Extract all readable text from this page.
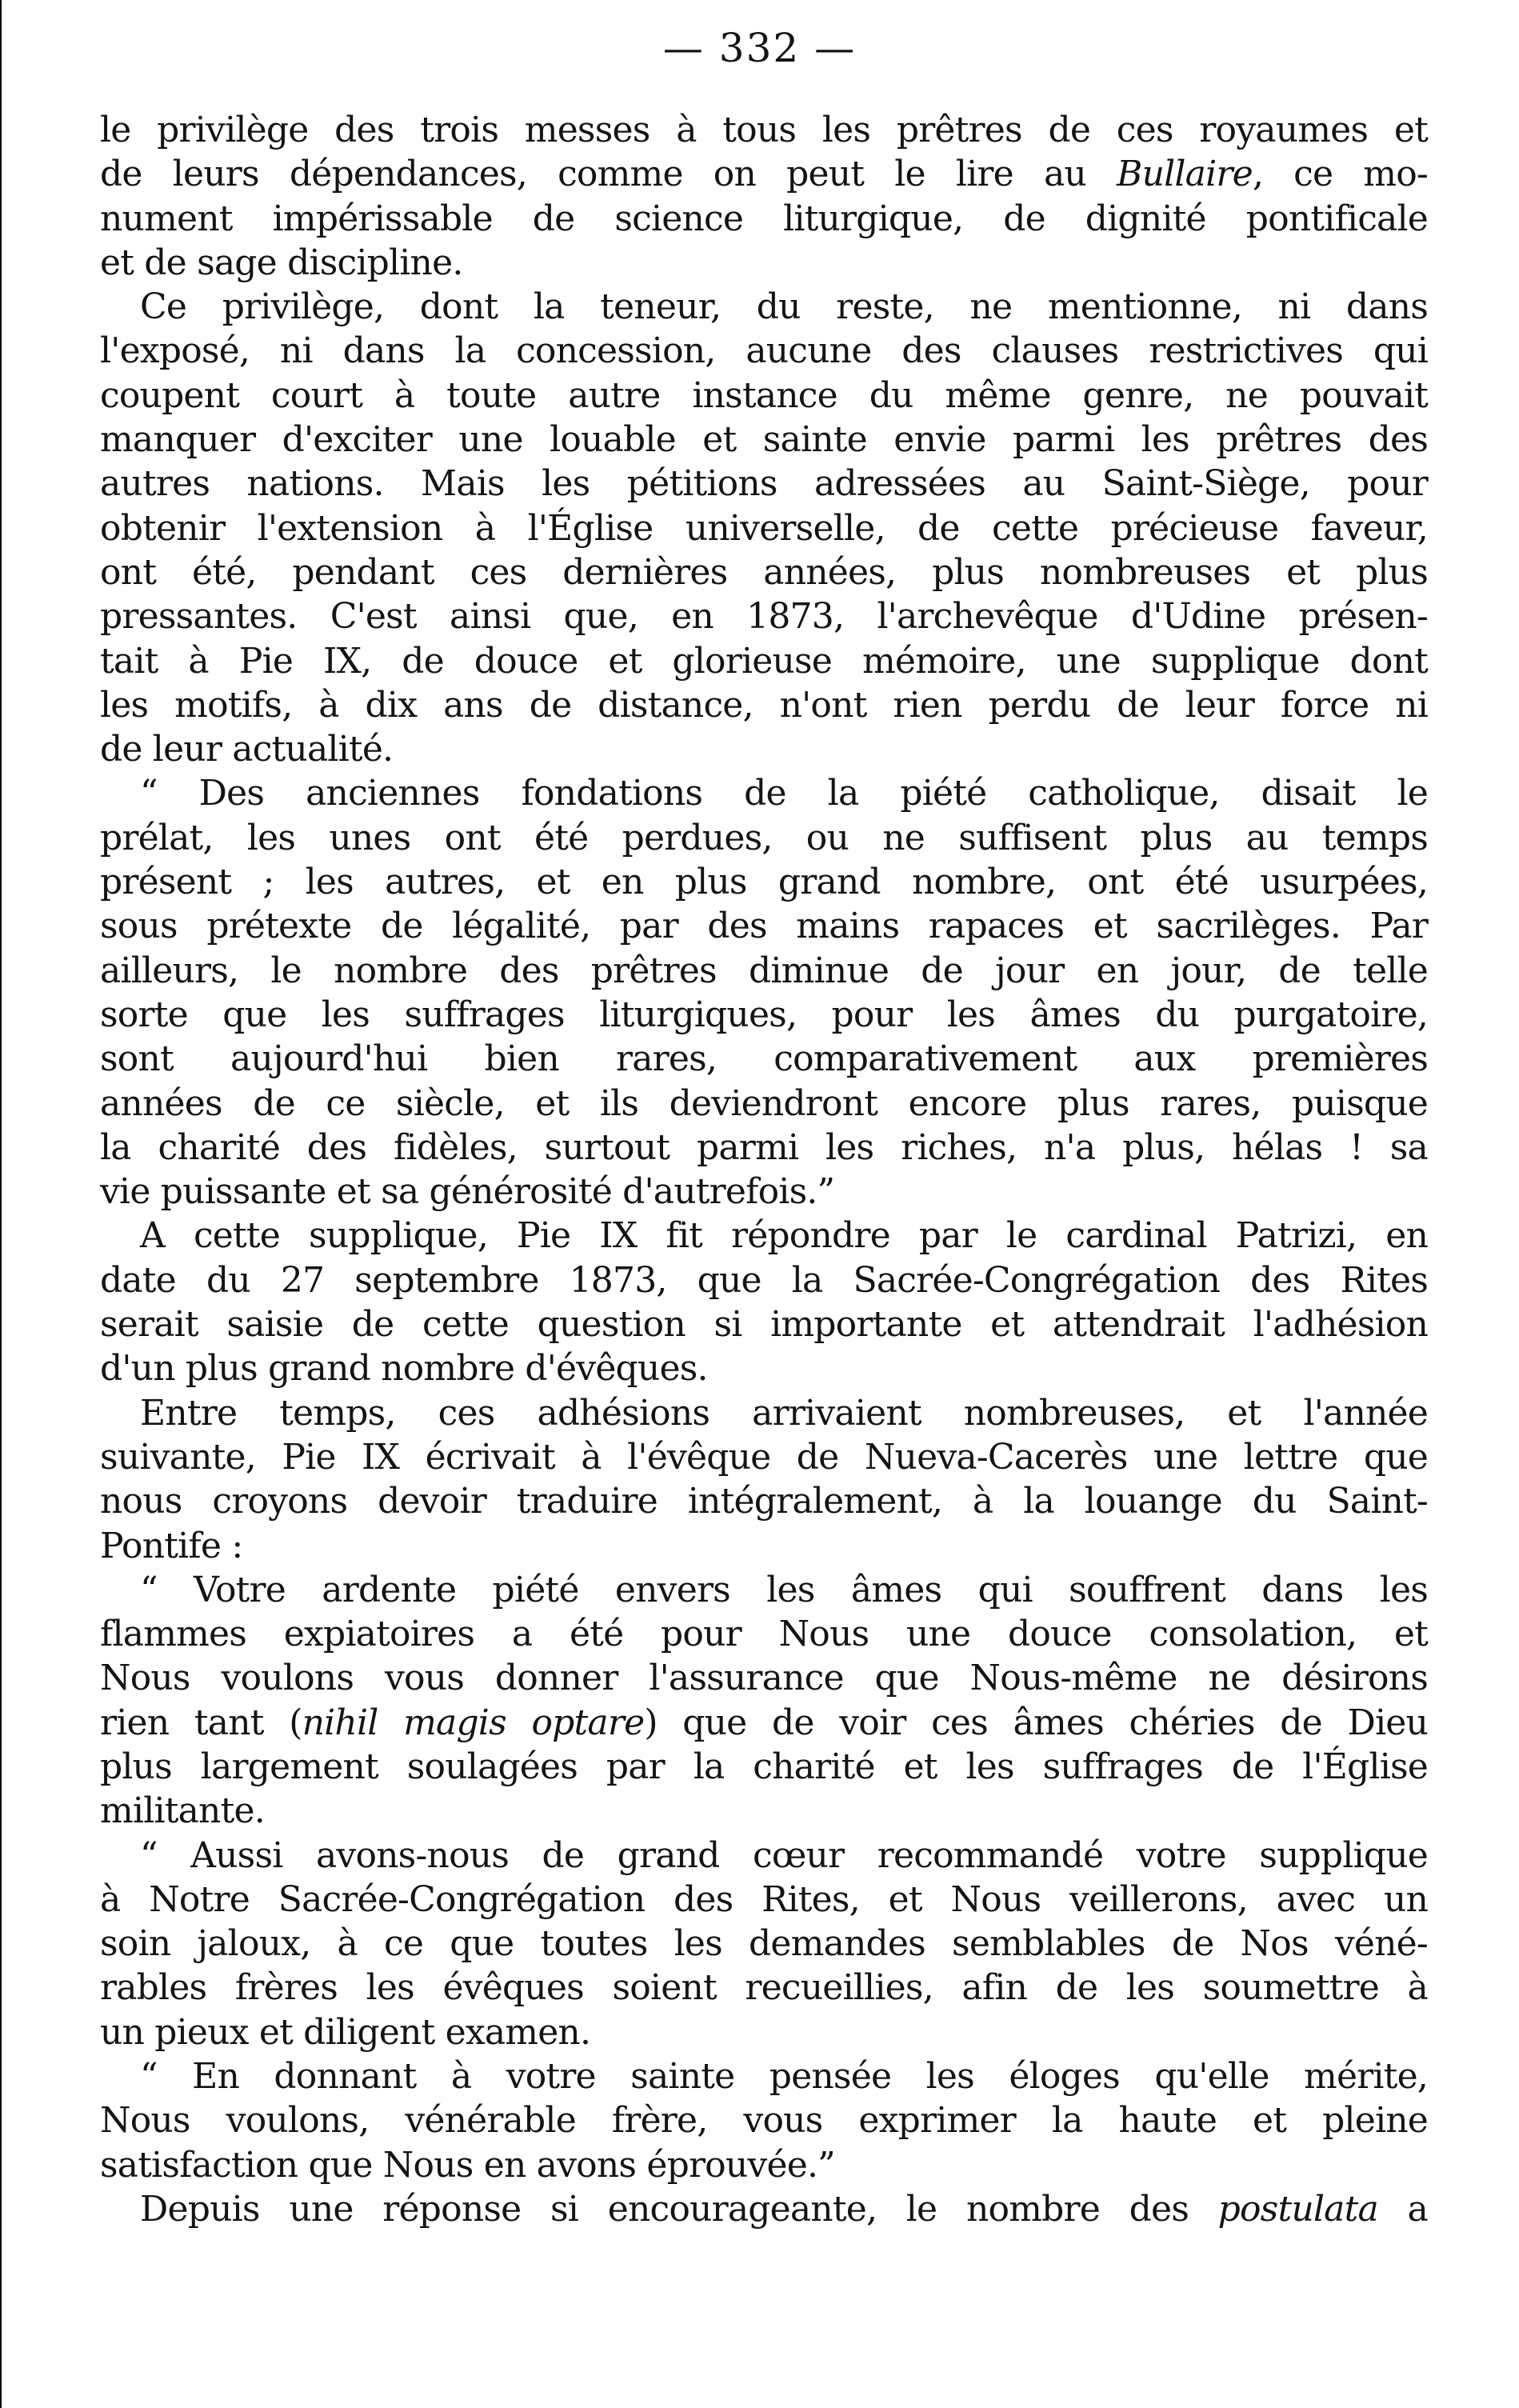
— 332 —
le privilège des trois messes à tous les prêtres de ces royaumes et
de leurs dépendances, comme on peut le lire au Bullaire, ce mo-
nument impérissable de science liturgique, de dignité pontificale
et de sage discipline.
Ce privilège, dont la teneur, du reste, ne mentionne, ni dans
l'exposé, ni dans la concession, aucune des clauses restrictives qui
coupent court à toute autre instance du même genre, ne pouvait
manquer d'exciter une louable et sainte envie parmi les prêtres des
autres nations. Mais les pétitions adressées au Saint-Siège, pour
obtenir l'extension à l'Église universelle, de cette précieuse faveur,
ont été, pendant ces dernières années, plus nombreuses et plus
pressantes. C'est ainsi que, en 1873, l'archevêque d'Udine présen-
tait à Pie IX, de douce et glorieuse mémoire, une supplique dont
les motifs, à dix ans de distance, n'ont rien perdu de leur force ni
de leur actualité.
“ Des anciennes fondations de la piété catholique, disait le
prélat, les unes ont été perdues, ou ne suffisent plus au temps
présent ; les autres, et en plus grand nombre, ont été usurpées,
sous prétexte de légalité, par des mains rapaces et sacrilèges. Par
ailleurs, le nombre des prêtres diminue de jour en jour, de telle
sorte que les suffrages liturgiques, pour les âmes du purgatoire,
sont aujourd'hui bien rares, comparativement aux premières
années de ce siècle, et ils deviendront encore plus rares, puisque
la charité des fidèles, surtout parmi les riches, n'a plus, hélas ! sa
vie puissante et sa générosité d'autrefois.”
A cette supplique, Pie IX fit répondre par le cardinal Patrizi, en
date du 27 septembre 1873, que la Sacrée-Congrégation des Rites
serait saisie de cette question si importante et attendrait l'adhésion
d'un plus grand nombre d'évêques.
Entre temps, ces adhésions arrivaient nombreuses, et l'année
suivante, Pie IX écrivait à l'évêque de Nueva-Cacerès une lettre que
nous croyons devoir traduire intégralement, à la louange du Saint-
Pontife :
“ Votre ardente piété envers les âmes qui souffrent dans les
flammes expiatoires a été pour Nous une douce consolation, et
Nous voulons vous donner l'assurance que Nous-même ne désirons
rien tant (nihil magis optare) que de voir ces âmes chéries de Dieu
plus largement soulagées par la charité et les suffrages de l'Église
militante.
“ Aussi avons-nous de grand cœur recommandé votre supplique
à Notre Sacrée-Congrégation des Rites, et Nous veillerons, avec un
soin jaloux, à ce que toutes les demandes semblables de Nos véné-
rables frères les évêques soient recueillies, afin de les soumettre à
un pieux et diligent examen.
“ En donnant à votre sainte pensée les éloges qu'elle mérite,
Nous voulons, vénérable frère, vous exprimer la haute et pleine
satisfaction que Nous en avons éprouvée.”
Depuis une réponse si encourageante, le nombre des postulata a
